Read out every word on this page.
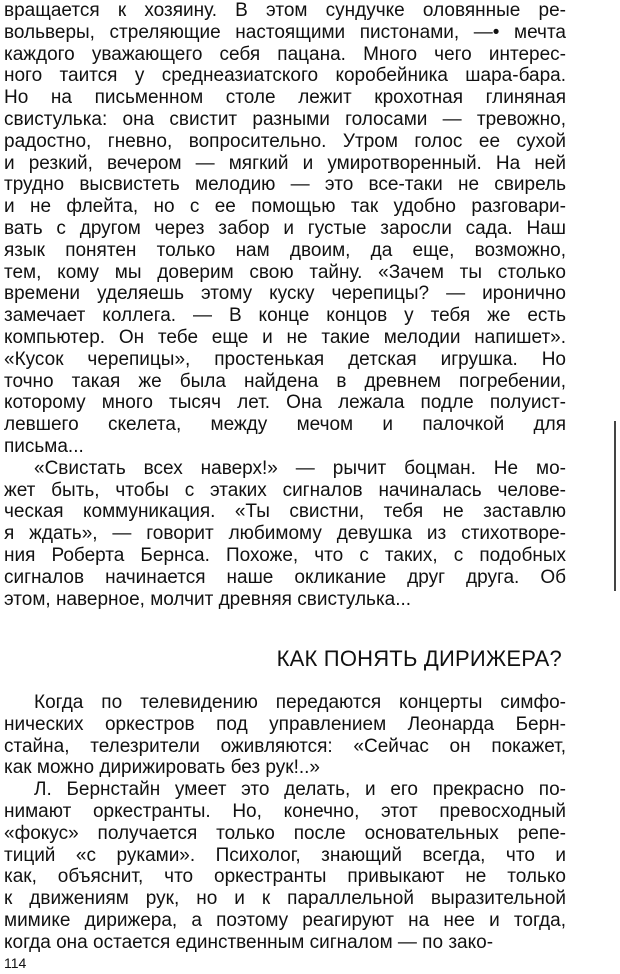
вращается к хозяину. В этом сундучке оловянные ре-
вольверы, стреляющие настоящими пистонами, —• мечта
каждого уважающего себя пацана. Много чего интерес-
ного таится у среднеазиатского коробейника шара-бара.
Но на письменном столе лежит крохотная глиняная
свистулька: она свистит разными голосами — тревожно,
радостно, гневно, вопросительно. Утром голос ее сухой
и резкий, вечером — мягкий и умиротворенный. На ней
трудно высвистеть мелодию — это все-таки не свирель
и не флейта, но с ее помощью так удобно разговари-
вать с другом через забор и густые заросли сада. Наш
язык понятен только нам двоим, да еще, возможно,
тем, кому мы доверим свою тайну. «Зачем ты столько
времени уделяешь этому куску черепицы? — иронично
замечает коллега. — В конце концов у тебя же есть
компьютер. Он тебе еще и не такие мелодии напишет».
«Кусок черепицы», простенькая детская игрушка. Но
точно такая же была найдена в древнем погребении,
которому много тысяч лет. Она лежала подле полуист-
левшего скелета, между мечом и палочкой для
письма...
«Свистать всех наверх!» — рычит боцман. Не мо-
жет быть, чтобы с этаких сигналов начиналась челове-
ческая коммуникация. «Ты свистни, тебя не заставлю
я ждать», — говорит любимому девушка из стихотворе-
ния Роберта Бернса. Похоже, что с таких, с подобных
сигналов начинается наше окликание друг друга. Об
этом, наверное, молчит древняя свистулька...
КАК ПОНЯТЬ ДИРИЖЕРА?
Когда по телевидению передаются концерты симфо-
нических оркестров под управлением Леонарда Берн-
стайна, телезрители оживляются: «Сейчас он покажет,
как можно дирижировать без рук!..»
Л. Бернстайн умеет это делать, и его прекрасно по-
нимают оркестранты. Но, конечно, этот превосходный
«фокус» получается только после основательных репе-
тиций «с руками». Психолог, знающий всегда, что и
как, объяснит, что оркестранты привыкают не только
к движениям рук, но и к параллельной выразительной
мимике дирижера, а поэтому реагируют на нее и тогда,
когда она остается единственным сигналом — по зако-
114
